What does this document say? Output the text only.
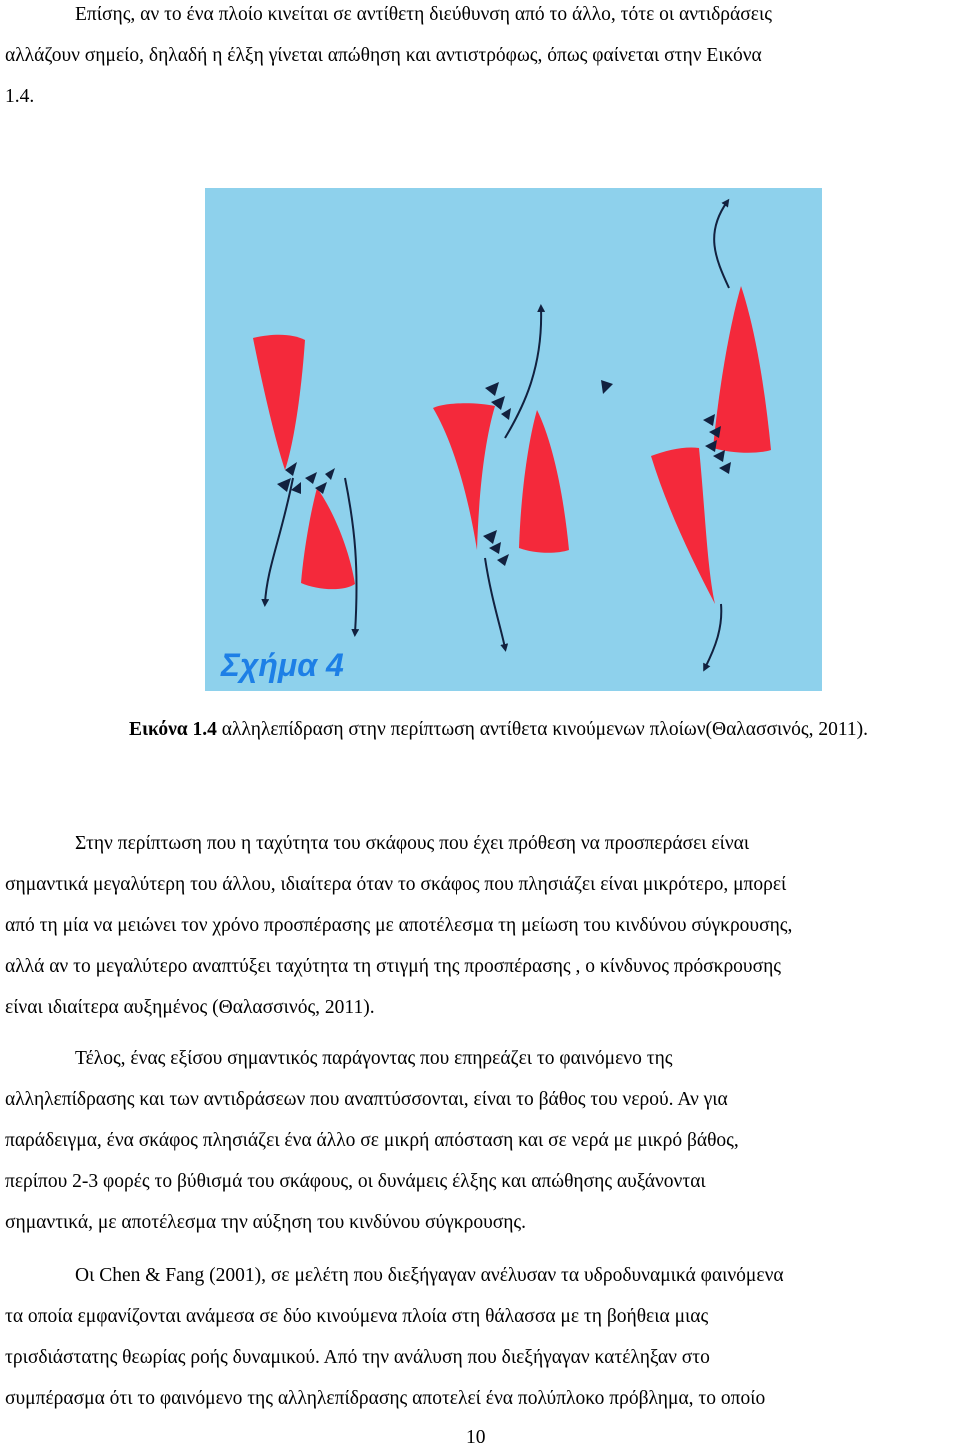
Επίσης, αν το ένα πλοίο κινείται σε αντίθετη διεύθυνση από το άλλο, τότε οι αντιδράσεις
αλλάζουν σημείο, δηλαδή η έλξη γίνεται απώθηση και αντιστρόφως, όπως φαίνεται στην Εικόνα
1.4.
Σχήμα 4
Εικόνα 1.4 αλληλεπίδραση στην περίπτωση αντίθετα κινούμενων πλοίων(Θαλασσινός, 2011).
Στην περίπτωση που η ταχύτητα του σκάφους που έχει πρόθεση να προσπεράσει είναι
σημαντικά μεγαλύτερη του άλλου, ιδιαίτερα όταν το σκάφος που πλησιάζει είναι μικρότερο, μπορεί
από τη μία να μειώνει τον χρόνο προσπέρασης με αποτέλεσμα τη μείωση του κινδύνου σύγκρουσης,
αλλά αν το μεγαλύτερο αναπτύξει ταχύτητα τη στιγμή της προσπέρασης , ο κίνδυνος πρόσκρουσης
είναι ιδιαίτερα αυξημένος (Θαλασσινός, 2011).
Τέλος, ένας εξίσου σημαντικός παράγοντας που επηρεάζει το φαινόμενο της
αλληλεπίδρασης και των αντιδράσεων που αναπτύσσονται, είναι το βάθος του νερού. Αν για
παράδειγμα, ένα σκάφος πλησιάζει ένα άλλο σε μικρή απόσταση και σε νερά με μικρό βάθος,
περίπου 2-3 φορές το βύθισμά του σκάφους, οι δυνάμεις έλξης και απώθησης αυξάνονται
σημαντικά, με αποτέλεσμα την αύξηση του κινδύνου σύγκρουσης.
Οι Chen & Fang (2001), σε μελέτη που διεξήγαγαν ανέλυσαν τα υδροδυναμικά φαινόμενα
τα οποία εμφανίζονται ανάμεσα σε δύο κινούμενα πλοία στη θάλασσα με τη βοήθεια μιας
τρισδιάστατης θεωρίας ροής δυναμικού. Από την ανάλυση που διεξήγαγαν κατέληξαν στο
συμπέρασμα ότι το φαινόμενο της αλληλεπίδρασης αποτελεί ένα πολύπλοκο πρόβλημα, το οποίο
10
